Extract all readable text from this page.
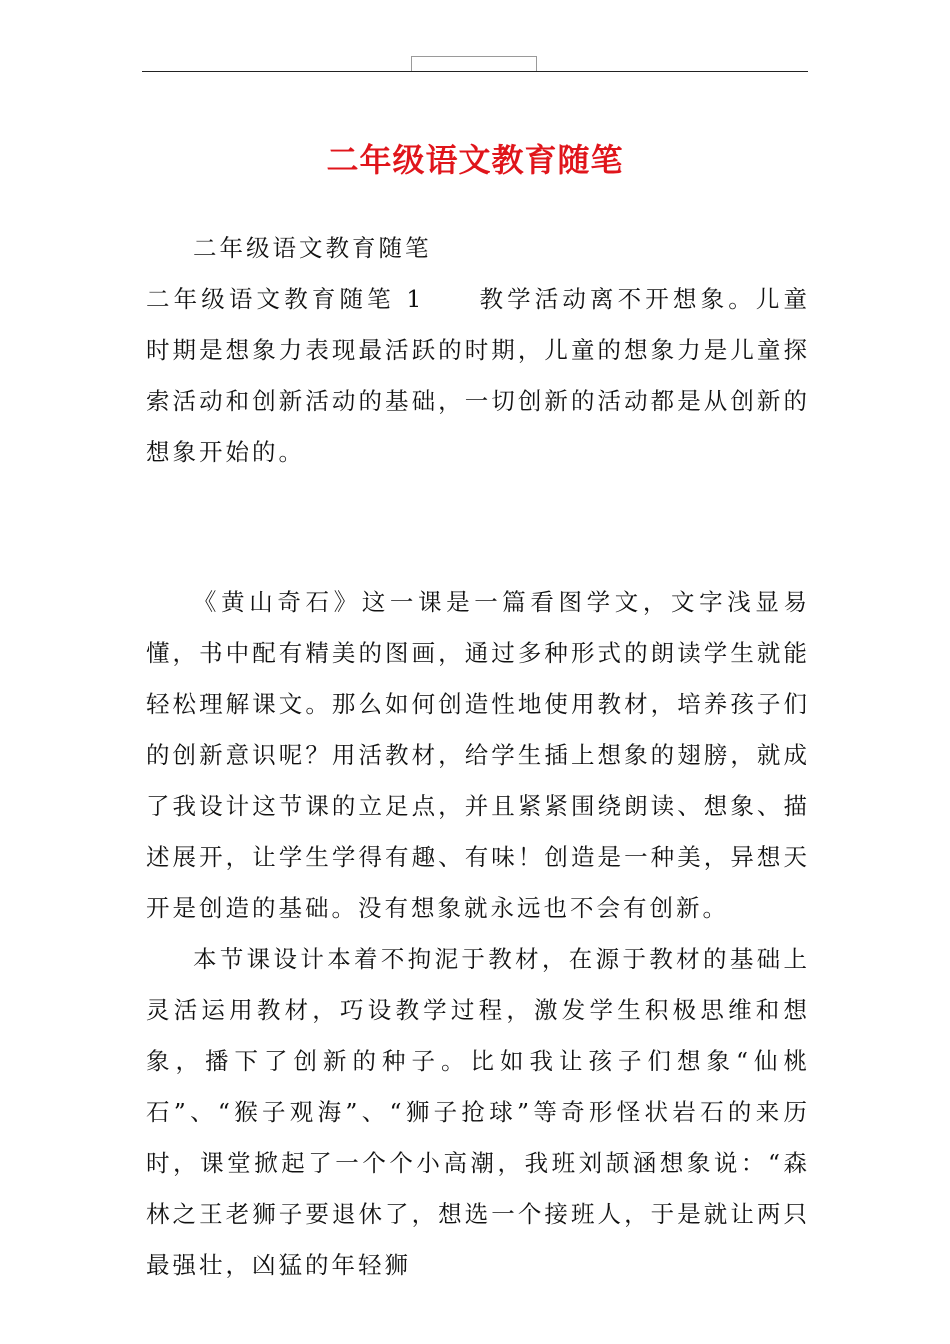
二年级语文教育随笔

二年级语文教育随笔

二年级语文教育随笔 1 教学活动离不开想象。儿童时期是想象力表现最活跃的时期，儿童的想象力是儿童探索活动和创新活动的基础，一切创新的活动都是从创新的想象开始的。

《黄山奇石》这一课是一篇看图学文，文字浅显易懂，书中配有精美的图画，通过多种形式的朗读学生就能轻松理解课文。那么如何创造性地使用教材，培养孩子们的创新意识呢？用活教材，给学生插上想象的翅膀，就成了我设计这节课的立足点，并且紧紧围绕朗读、想象、描述展开，让学生学得有趣、有味！创造是一种美，异想天开是创造的基础。没有想象就永远也不会有创新。

本节课设计本着不拘泥于教材，在源于教材的基础上灵活运用教材，巧设教学过程，激发学生积极思维和想象，播下了创新的种子。比如我让孩子们想象“仙桃石”、“猴子观海”、“狮子抢球”等奇形怪状岩石的来历时，课堂掀起了一个个小高潮，我班刘颉涵想象说：“森林之王老狮子要退休了，想选一个接班人，于是就让两只最强壮，凶猛的年轻狮
